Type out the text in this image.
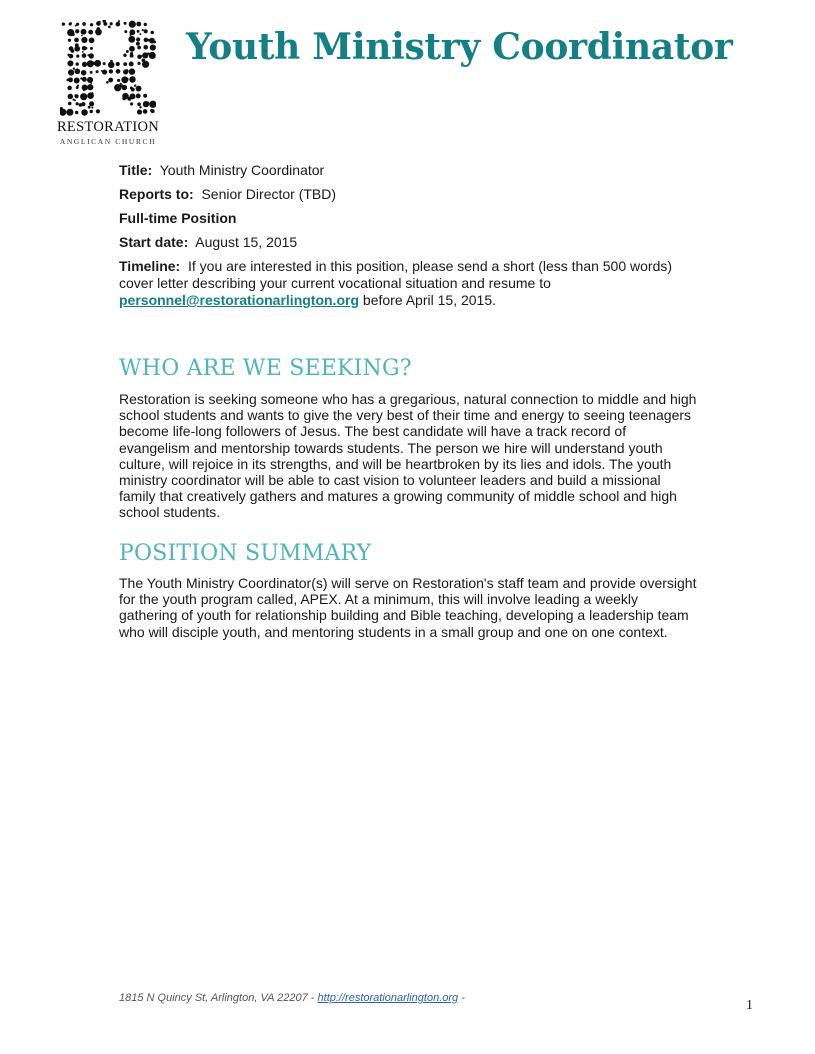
RESTORATION
ANGLICAN CHURCH
Youth Ministry Coordinator

Title: Youth Ministry Coordinator

Reports to: Senior Director (TBD)

Full-time Position

Start date: August 15, 2015

Timeline: If you are interested in this position, please send a short (less than 500 words) cover letter describing your current vocational situation and resume to personnel@restorationarlington.org before April 15, 2015.

WHO ARE WE SEEKING?

Restoration is seeking someone who has a gregarious, natural connection to middle and high school students and wants to give the very best of their time and energy to seeing teenagers become life-long followers of Jesus. The best candidate will have a track record of evangelism and mentorship towards students. The person we hire will understand youth culture, will rejoice in its strengths, and will be heartbroken by its lies and idols. The youth ministry coordinator will be able to cast vision to volunteer leaders and build a missional family that creatively gathers and matures a growing community of middle school and high school students.

POSITION SUMMARY

The Youth Ministry Coordinator(s) will serve on Restoration's staff team and provide oversight for the youth program called, APEX. At a minimum, this will involve leading a weekly gathering of youth for relationship building and Bible teaching, developing a leadership team who will disciple youth, and mentoring students in a small group and one on one context.

1815 N Quincy St, Arlington, VA 22207 - http://restorationarlington.org -	1
